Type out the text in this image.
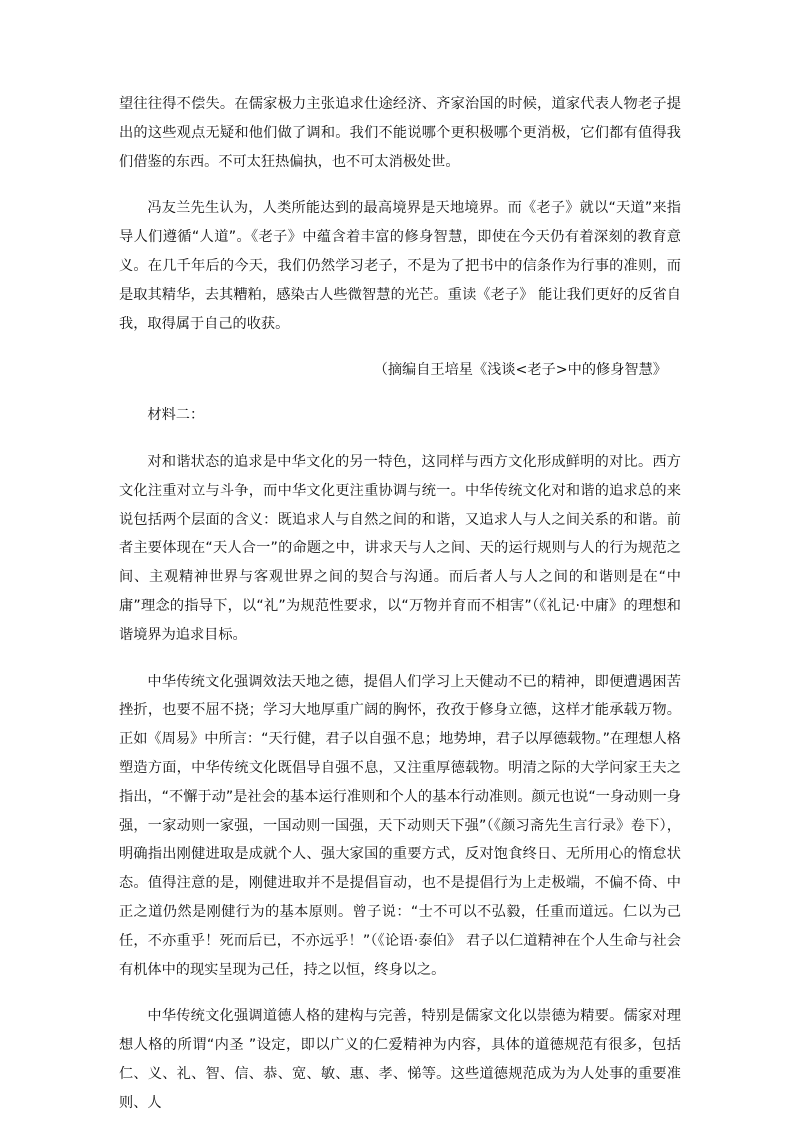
望往往得不偿失。在儒家极力主张追求仕途经济、齐家治国的时候，道家代表人物老子提出的这些观点无疑和他们做了调和。我们不能说哪个更积极哪个更消极，它们都有值得我们借鉴的东西。不可太狂热偏执，也不可太消极处世。

冯友兰先生认为，人类所能达到的最高境界是天地境界。而《老子》就以“天道”来指导人们遵循“人道”。《老子》中蕴含着丰富的修身智慧，即使在今天仍有着深刻的教育意义。在几千年后的今天，我们仍然学习老子，不是为了把书中的信条作为行事的准则，而是取其精华，去其糟粕，感染古人些微智慧的光芒。重读《老子》 能让我们更好的反省自我，取得属于自己的收获。

（摘编自王培星《浅谈<老子>中的修身智慧》

材料二：

对和谐状态的追求是中华文化的另一特色，这同样与西方文化形成鲜明的对比。西方文化注重对立与斗争，而中华文化更注重协调与统一。中华传统文化对和谐的追求总的来说包括两个层面的含义：既追求人与自然之间的和谐，又追求人与人之间关系的和谐。前者主要体现在“天人合一”的命题之中，讲求天与人之间、天的运行规则与人的行为规范之间、主观精神世界与客观世界之间的契合与沟通。而后者人与人之间的和谐则是在“中庸”理念的指导下，以“礼”为规范性要求，以“万物并育而不相害”（《礼记·中庸》的理想和谐境界为追求目标。

中华传统文化强调效法天地之德，提倡人们学习上天健动不已的精神，即便遭遇困苦挫折，也要不屈不挠；学习大地厚重广阔的胸怀，孜孜于修身立德，这样才能承载万物。正如《周易》中所言：“天行健，君子以自强不息；地势坤，君子以厚德载物。”在理想人格塑造方面，中华传统文化既倡导自强不息，又注重厚德载物。明清之际的大学问家王夫之指出，“不懈于动”是社会的基本运行准则和个人的基本行动准则。颜元也说“一身动则一身强，一家动则一家强，一国动则一国强，天下动则天下强”（《颜习斋先生言行录》卷下），明确指出刚健进取是成就个人、强大家国的重要方式，反对饱食终日、无所用心的惰怠状态。值得注意的是，刚健进取并不是提倡盲动，也不是提倡行为上走极端，不偏不倚、中正之道仍然是刚健行为的基本原则。曾子说：“士不可以不弘毅，任重而道远。仁以为己任，不亦重乎！死而后已，不亦远乎！”（《论语·泰伯》 君子以仁道精神在个人生命与社会有机体中的现实呈现为己任，持之以恒，终身以之。

中华传统文化强调道德人格的建构与完善，特别是儒家文化以崇德为精要。儒家对理想人格的所谓“内圣 ”设定，即以广义的仁爱精神为内容，具体的道德规范有很多，包括仁、义、礼、智、信、恭、宽、敏、惠、孝、悌等。这些道德规范成为为人处事的重要准则、人
